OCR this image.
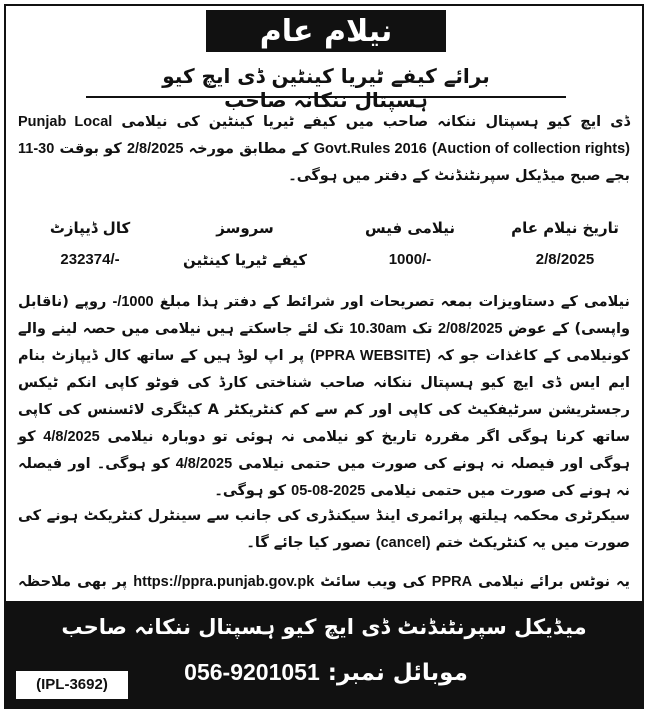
نیلام عام
برائے کیفے ٹیریا کینٹین ڈی ایچ کیو ہسپتال ننکانہ صاحب
ڈی ایچ کیو ہسپتال ننکانہ صاحب میں کیفے ٹیریا کینٹین کی نیلامی Punjab Local Govt.Rules 2016 (Auction of collection rights) کے مطابق مورخہ 2/8/2025 کو بوقت 11-30 بجے صبح میڈیکل سپرنٹنڈنٹ کے دفتر میں ہوگی۔
تاریخ نیلام عام
2/8/2025
نیلامی فیس
1000/-
سروسز
کیفے ٹیریا کینٹین
کال ڈیپازٹ
232374/-
نیلامی کے دستاویزات بمعہ تصریحات اور شرائط کے دفتر ہذا مبلغ -/1000 روپے (ناقابل واپسی) کے عوض 2/08/2025 تک 10.30am تک لئے جاسکتے ہیں نیلامی میں حصہ لینے والے کونیلامی کے کاغذات جو کہ (PPRA WEBSITE) پر اپ لوڈ ہیں کے ساتھ کال ڈیپازٹ بنام ایم ایس ڈی ایچ کیو ہسپتال ننکانہ صاحب شناختی کارڈ کی فوٹو کاپی انکم ٹیکس رجسٹریشن سرٹیفکیٹ کی کاپی اور کم سے کم کنٹریکٹر A کیٹگری لائسنس کی کاپی ساتھ کرنا ہوگی اگر مقررہ تاریخ کو نیلامی نہ ہوئی تو دوبارہ نیلامی 4/8/2025 کو ہوگی اور فیصلہ نہ ہونے کی صورت میں حتمی نیلامی 4/8/2025 کو ہوگی۔ اور فیصلہ نہ ہونے کی صورت میں حتمی نیلامی 05-08-2025 کو ہوگی۔
سیکرٹری محکمہ ہیلتھ پرائمری اینڈ سیکنڈری کی جانب سے سینٹرل کنٹریکٹ ہونے کی صورت میں یہ کنٹریکٹ ختم (cancel) تصور کیا جائے گا۔
یہ نوٹس برائے نیلامی PPRA کی ویب سائٹ https://ppra.punjab.gov.pk پر بھی ملاحظہ
میڈیکل سپرنٹنڈنٹ ڈی ایچ کیو ہسپتال ننکانہ صاحب
موبائل نمبر: 056-9201051
(IPL-3692)
